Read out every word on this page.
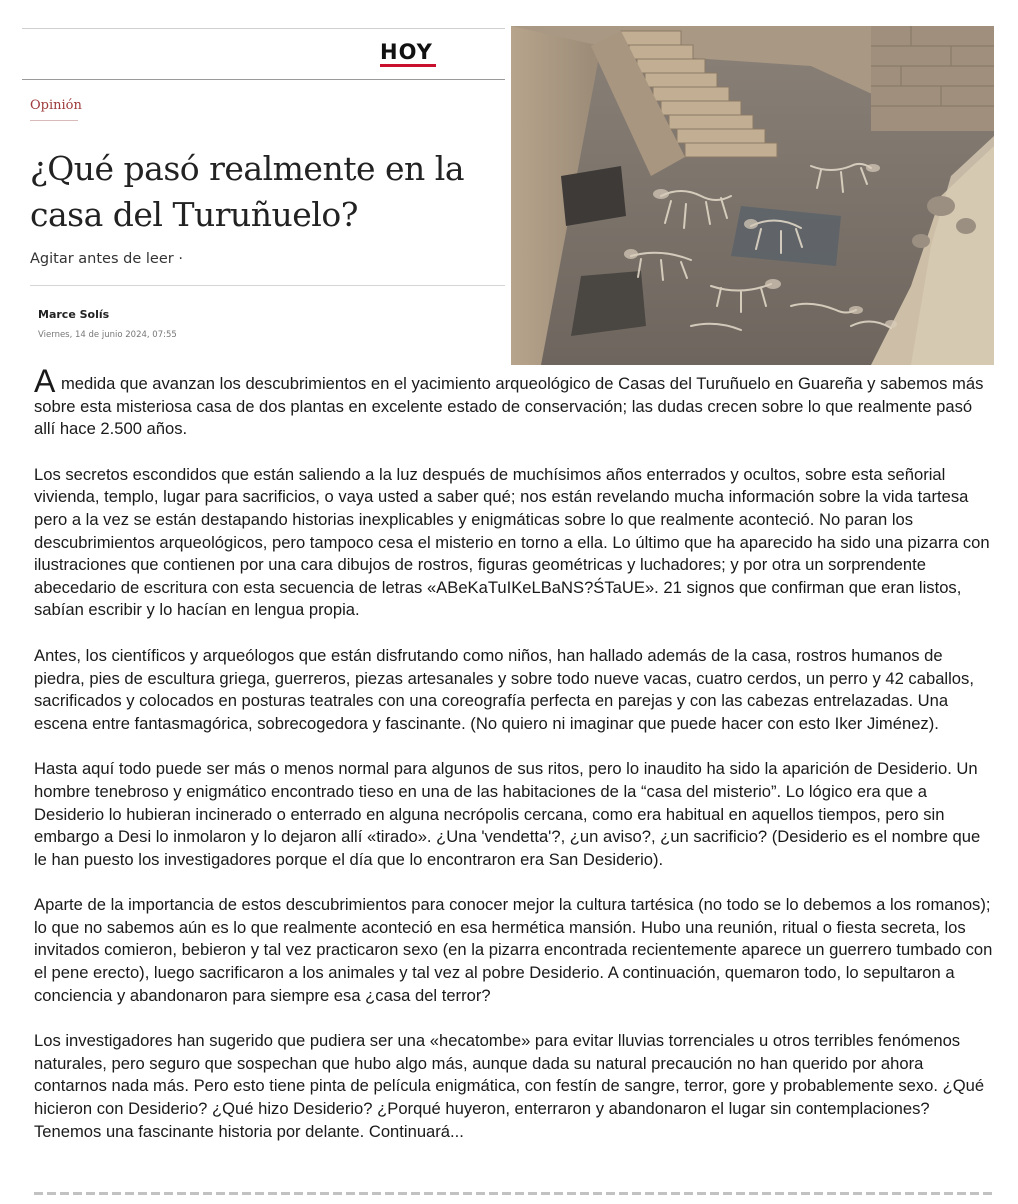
HOY
Opinión
¿Qué pasó realmente en la casa del Turuñuelo?
Agitar antes de leer ·
Marce Solís
Viernes, 14 de junio 2024, 07:55

A medida que avanzan los descubrimientos en el yacimiento arqueológico de Casas del Turuñuelo en Guareña y sabemos más sobre esta misteriosa casa de dos plantas en excelente estado de conservación; las dudas crecen sobre lo que realmente pasó allí hace 2.500 años.

Los secretos escondidos que están saliendo a la luz después de muchísimos años enterrados y ocultos, sobre esta señorial vivienda, templo, lugar para sacrificios, o vaya usted a saber qué; nos están revelando mucha información sobre la vida tartesa pero a la vez se están destapando historias inexplicables y enigmáticas sobre lo que realmente aconteció. No paran los descubrimientos arqueológicos, pero tampoco cesa el misterio en torno a ella. Lo último que ha aparecido ha sido una pizarra con ilustraciones que contienen por una cara dibujos de rostros, figuras geométricas y luchadores; y por otra un sorprendente abecedario de escritura con esta secuencia de letras «ABeKaTuIKeLBaNS?ŚTaUE». 21 signos que confirman que eran listos, sabían escribir y lo hacían en lengua propia.

Antes, los científicos y arqueólogos que están disfrutando como niños, han hallado además de la casa, rostros humanos de piedra, pies de escultura griega, guerreros, piezas artesanales y sobre todo nueve vacas, cuatro cerdos, un perro y 42 caballos, sacrificados y colocados en posturas teatrales con una coreografía perfecta en parejas y con las cabezas entrelazadas. Una escena entre fantasmagórica, sobrecogedora y fascinante. (No quiero ni imaginar que puede hacer con esto Iker Jiménez).

Hasta aquí todo puede ser más o menos normal para algunos de sus ritos, pero lo inaudito ha sido la aparición de Desiderio. Un hombre tenebroso y enigmático encontrado tieso en una de las habitaciones de la “casa del misterio”. Lo lógico era que a Desiderio lo hubieran incinerado o enterrado en alguna necrópolis cercana, como era habitual en aquellos tiempos, pero sin embargo a Desi lo inmolaron y lo dejaron allí «tirado». ¿Una 'vendetta'?, ¿un aviso?, ¿un sacrificio? (Desiderio es el nombre que le han puesto los investigadores porque el día que lo encontraron era San Desiderio).

Aparte de la importancia de estos descubrimientos para conocer mejor la cultura tartésica (no todo se lo debemos a los romanos); lo que no sabemos aún es lo que realmente aconteció en esa hermética mansión. Hubo una reunión, ritual o fiesta secreta, los invitados comieron, bebieron y tal vez practicaron sexo (en la pizarra encontrada recientemente aparece un guerrero tumbado con el pene erecto), luego sacrificaron a los animales y tal vez al pobre Desiderio. A continuación, quemaron todo, lo sepultaron a conciencia y abandonaron para siempre esa ¿casa del terror?

Los investigadores han sugerido que pudiera ser una «hecatombe» para evitar lluvias torrenciales u otros terribles fenómenos naturales, pero seguro que sospechan que hubo algo más, aunque dada su natural precaución no han querido por ahora contarnos nada más. Pero esto tiene pinta de película enigmática, con festín de sangre, terror, gore y probablemente sexo. ¿Qué hicieron con Desiderio? ¿Qué hizo Desiderio? ¿Porqué huyeron, enterraron y abandonaron el lugar sin contemplaciones? Tenemos una fascinante historia por delante. Continuará...
